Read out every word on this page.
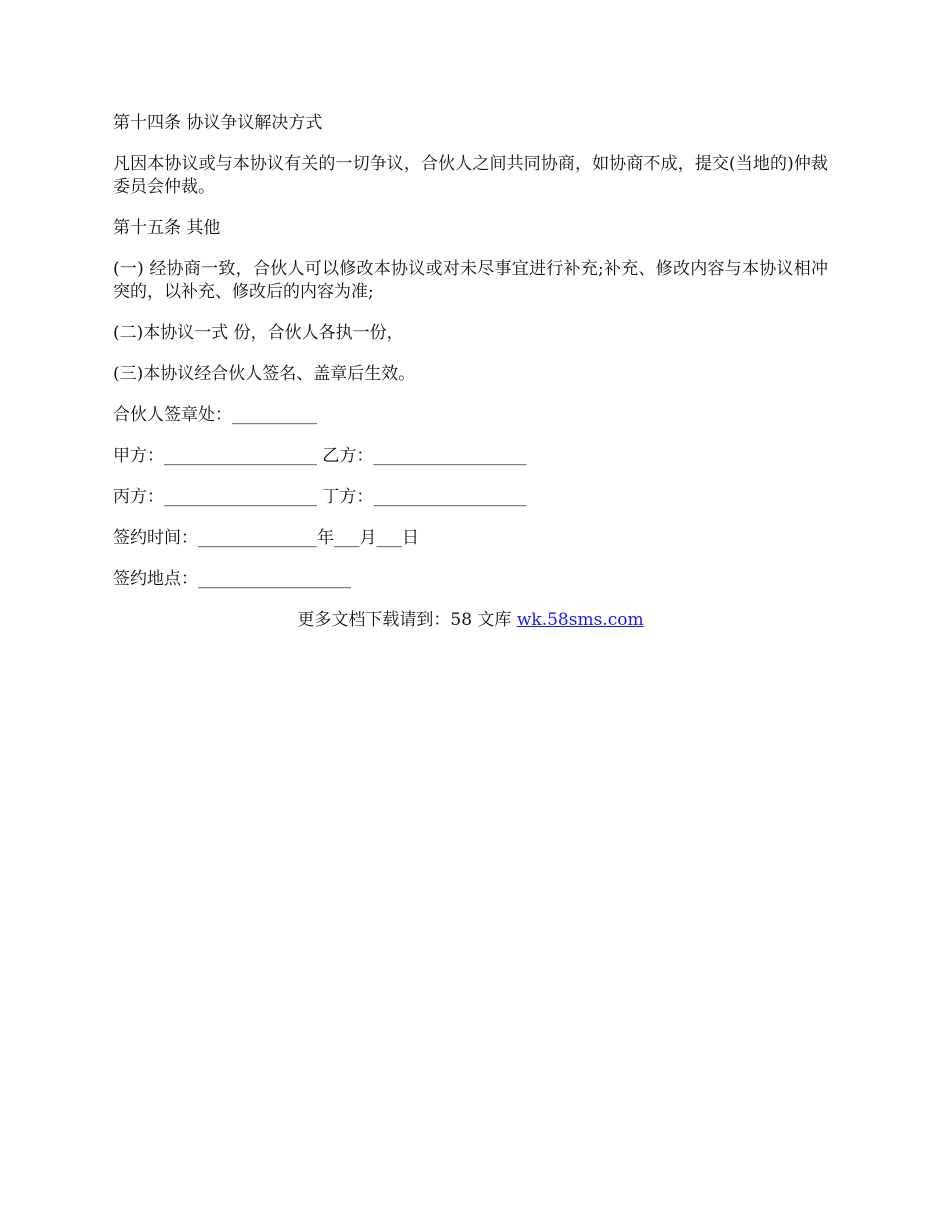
第十四条 协议争议解决方式

凡因本协议或与本协议有关的一切争议，合伙人之间共同协商，如协商不成，提交(当地的)仲裁委员会仲裁。

第十五条 其他

(一) 经协商一致，合伙人可以修改本协议或对未尽事宜进行补充;补充、修改内容与本协议相冲突的，以补充、修改后的内容为准;

(二)本协议一式 份，合伙人各执一份，

(三)本协议经合伙人签名、盖章后生效。

合伙人签章处：__________

甲方：__________________ 乙方：__________________

丙方：__________________ 丁方：__________________

签约时间：______________年___月___日

签约地点：__________________

更多文档下载请到：58 文库 wk.58sms.com
